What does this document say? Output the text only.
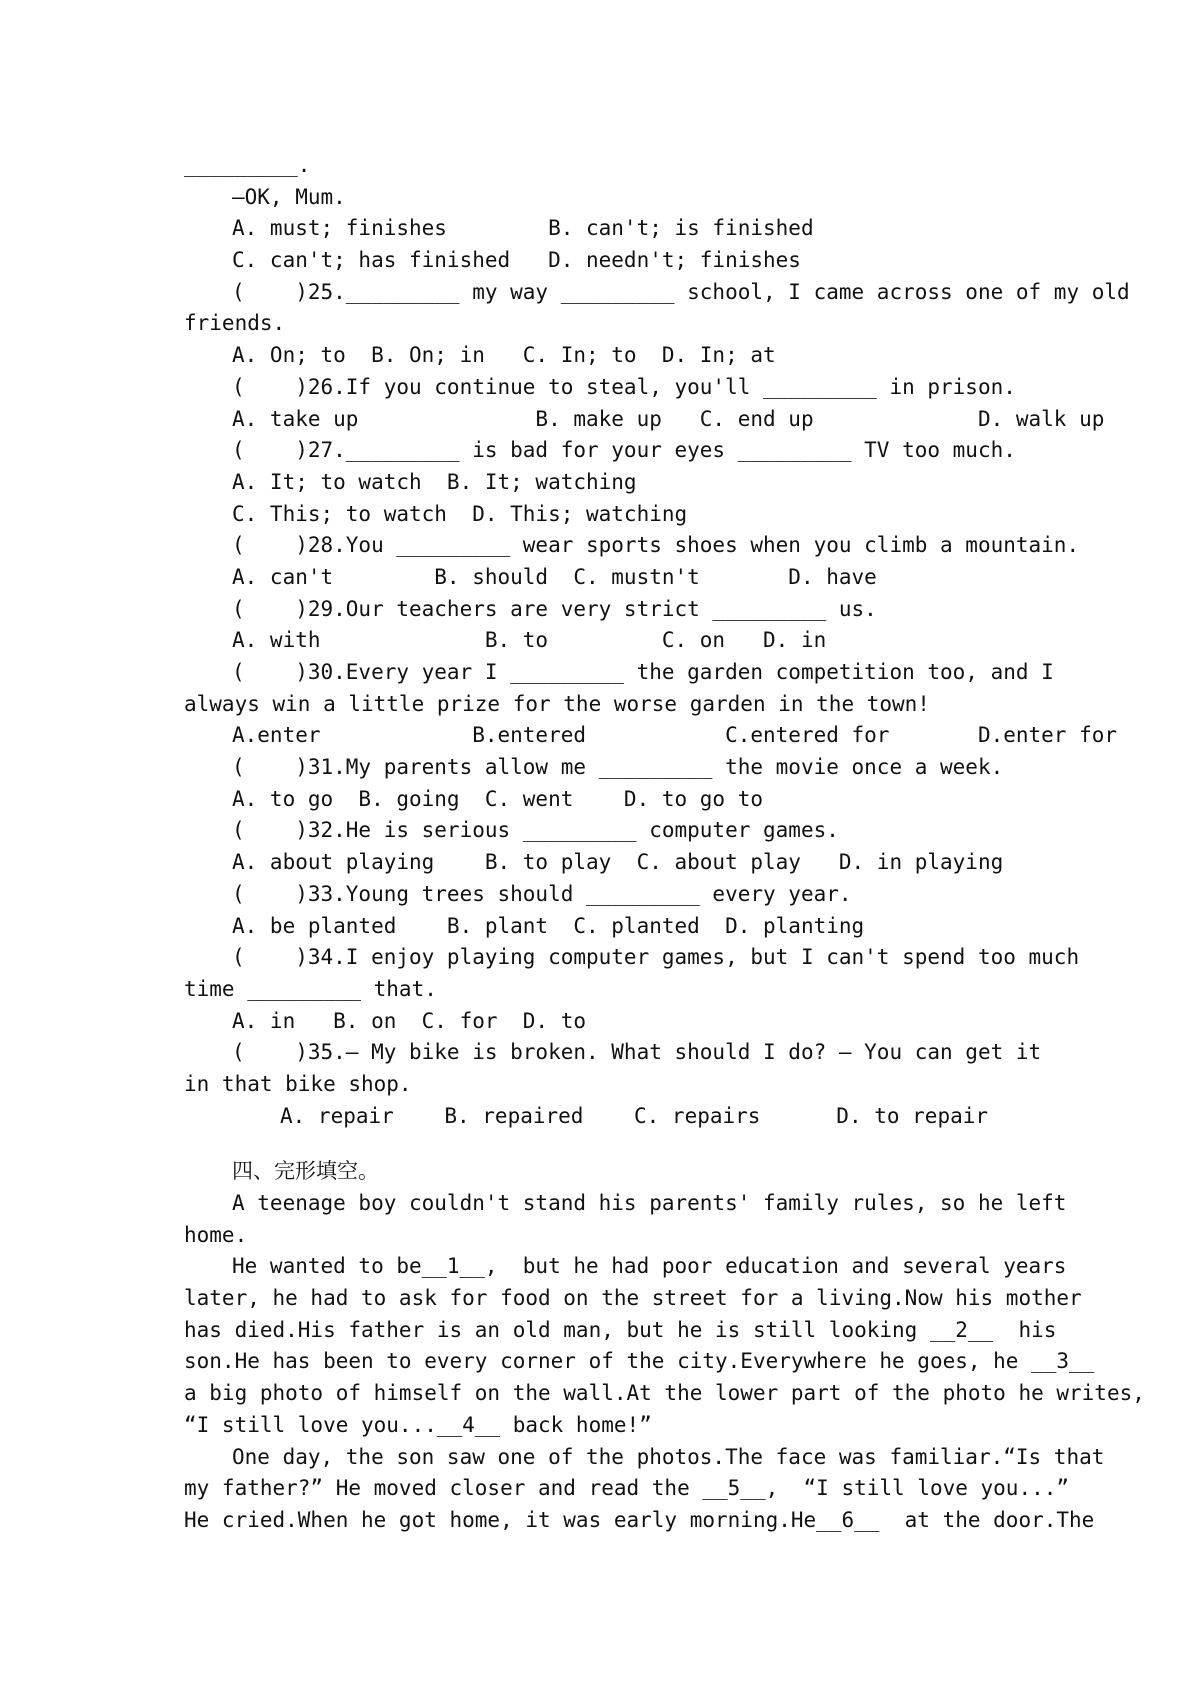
_________.
—OK, Mum.
A. must; finishes        B. can't; is finished
C. can't; has finished   D. needn't; finishes
(    )25._________ my way _________ school, I came across one of my old
friends.
A. On; to  B. On; in   C. In; to  D. In; at
(    )26.If you continue to steal, you'll _________ in prison.
A. take up              B. make up   C. end up             D. walk up
(    )27._________ is bad for your eyes _________ TV too much.
A. It; to watch  B. It; watching
C. This; to watch  D. This; watching
(    )28.You _________ wear sports shoes when you climb a mountain.
A. can't        B. should  C. mustn't       D. have
(    )29.Our teachers are very strict _________ us.
A. with             B. to         C. on   D. in
(    )30.Every year I _________ the garden competition too, and I
always win a little prize for the worse garden in the town!
A.enter            B.entered           C.entered for       D.enter for
(    )31.My parents allow me _________ the movie once a week.
A. to go  B. going  C. went    D. to go to
(    )32.He is serious _________ computer games.
A. about playing    B. to play  C. about play   D. in playing
(    )33.Young trees should _________ every year.
A. be planted    B. plant  C. planted  D. planting
(    )34.I enjoy playing computer games, but I can't spend too much
time _________ that.
A. in   B. on  C. for  D. to
(    )35.— My bike is broken. What should I do? — You can get it
in that bike shop.
A. repair    B. repaired    C. repairs      D. to repair
四、完形填空。
A teenage boy couldn't stand his parents' family rules, so he left
home.
He wanted to be__1__,  but he had poor education and several years
later, he had to ask for food on the street for a living.Now his mother
has died.His father is an old man, but he is still looking __2__  his
son.He has been to every corner of the city.Everywhere he goes, he __3__
a big photo of himself on the wall.At the lower part of the photo he writes,
“I still love you...__4__ back home!”
One day, the son saw one of the photos.The face was familiar.“Is that
my father?” He moved closer and read the __5__,  “I still love you...”
He cried.When he got home, it was early morning.He__6__  at the door.The
